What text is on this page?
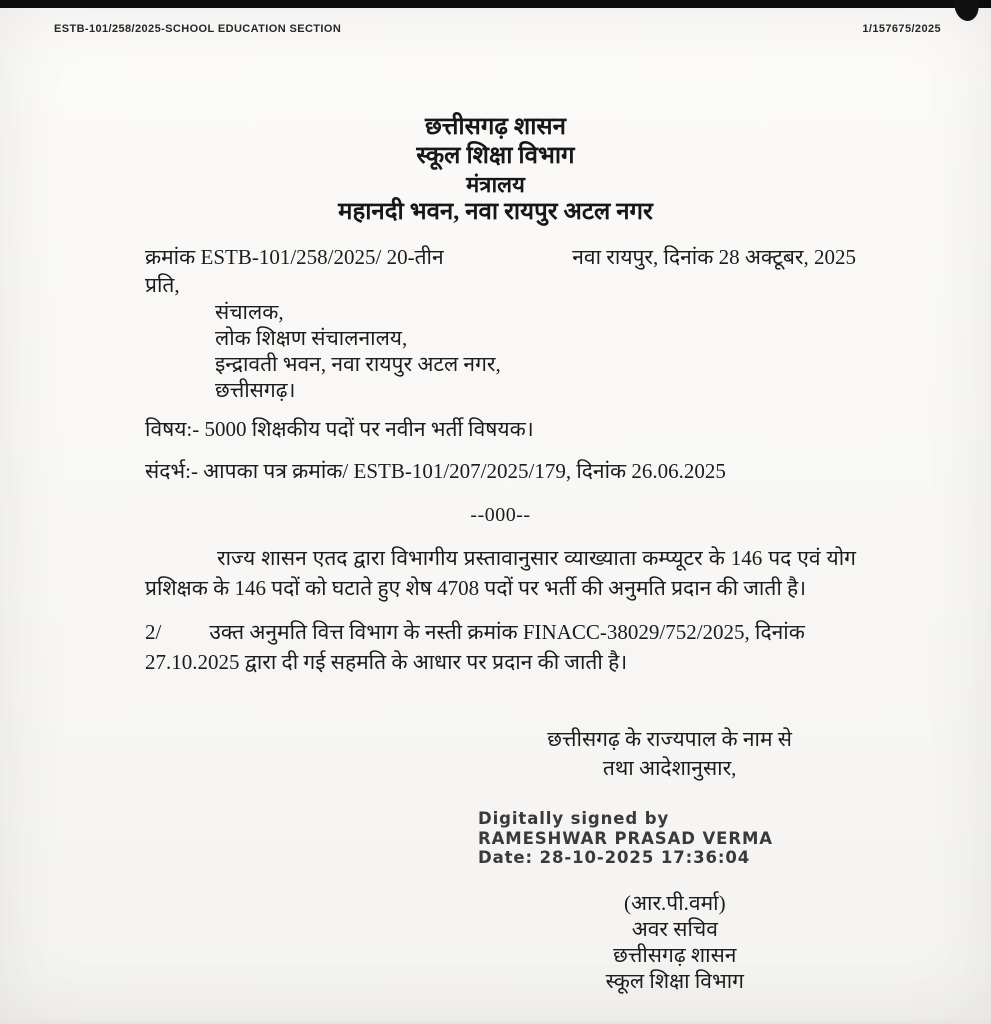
ESTB-101/258/2025-SCHOOL EDUCATION SECTION	1/157675/2025
छत्तीसगढ़ शासन
स्कूल शिक्षा विभाग
मंत्रालय
महानदी भवन, नवा रायपुर अटल नगर
क्रमांक ESTB-101/258/2025/ 20-तीन	नवा रायपुर, दिनांक 28 अक्टूबर, 2025
प्रति,
संचालक,
लोक शिक्षण संचालनालय,
इन्द्रावती भवन, नवा रायपुर अटल नगर,
छत्तीसगढ़।
विषय:- 5000 शिक्षकीय पदों पर नवीन भर्ती विषयक।
संदर्भ:- आपका पत्र क्रमांक/ ESTB-101/207/2025/179, दिनांक 26.06.2025
--000--

राज्य शासन एतद द्वारा विभागीय प्रस्तावानुसार व्याख्याता कम्प्यूटर के 146 पद एवं योग प्रशिक्षक के 146 पदों को घटाते हुए शेष 4708 पदों पर भर्ती की अनुमति प्रदान की जाती है।

2/ उक्त अनुमति वित्त विभाग के नस्ती क्रमांक FINACC-38029/752/2025, दिनांक 27.10.2025 द्वारा दी गई सहमति के आधार पर प्रदान की जाती है।

छत्तीसगढ़ के राज्यपाल के नाम से
तथा आदेशानुसार,
Digitally signed by
RAMESHWAR PRASAD VERMA
Date: 28-10-2025 17:36:04
(आर.पी.वर्मा)
अवर सचिव
छत्तीसगढ़ शासन
स्कूल शिक्षा विभाग
